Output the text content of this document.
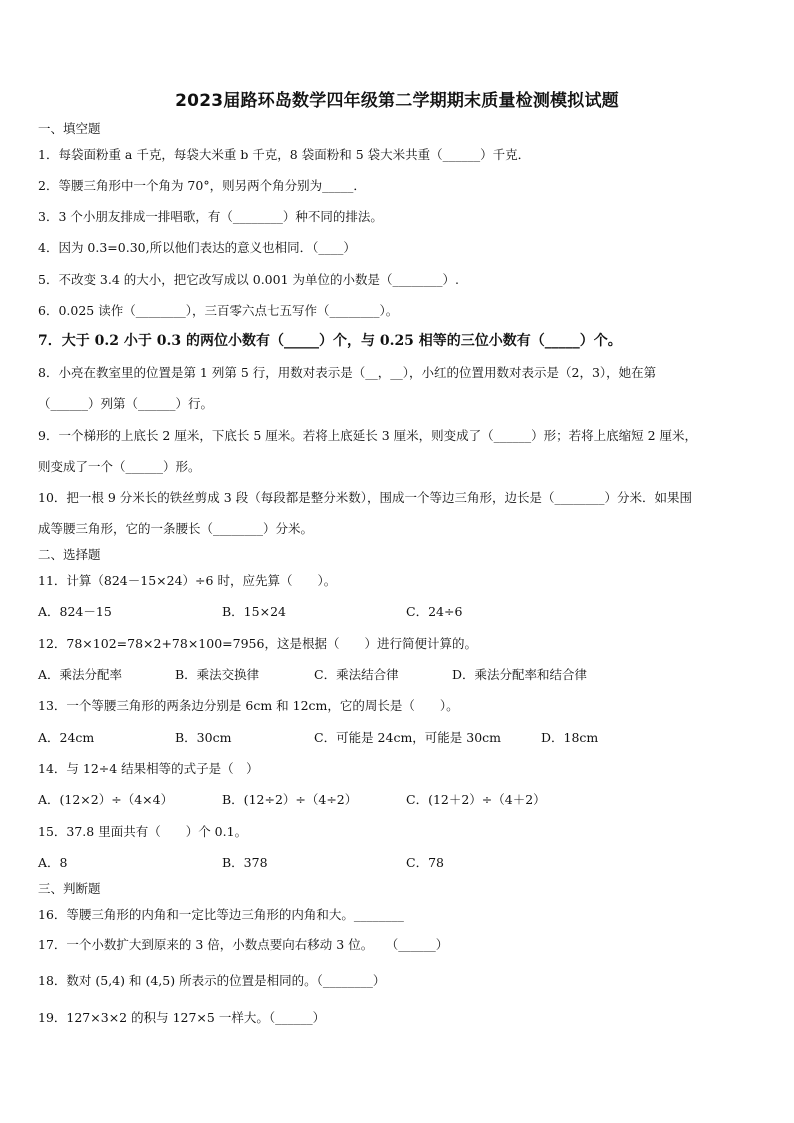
2023届路环岛数学四年级第二学期期末质量检测模拟试题
一、填空题
1．每袋面粉重 a 千克，每袋大米重 b 千克，8 袋面粉和 5 袋大米共重（______）千克．
2．等腰三角形中一个角为 70°，则另两个角分别为_____．
3．3 个小朋友排成一排唱歌，有（________）种不同的排法。
4．因为 0.3=0.30,所以他们表达的意义也相同．（____）
5．不改变 3.4 的大小，把它改写成以 0.001 为单位的小数是（________）.
6．0.025 读作（________），三百零六点七五写作（________）。
7．大于 0.2 小于 0.3 的两位小数有（_____）个，与 0.25 相等的三位小数有（_____）个。
8．小亮在教室里的位置是第 1 列第 5 行，用数对表示是（__，__），小红的位置用数对表示是（2，3），她在第
（______）列第（______）行。
9．一个梯形的上底长 2 厘米，下底长 5 厘米。若将上底延长 3 厘米，则变成了（______）形；若将上底缩短 2 厘米，
则变成了一个（______）形。
10．把一根 9 分米长的铁丝剪成 3 段（每段都是整分米数），围成一个等边三角形，边长是（________）分米．如果围
成等腰三角形，它的一条腰长（________）分米。
二、选择题
11．计算（824－15×24）÷6 时，应先算（　　）。
A．824－15	B．15×24	C．24÷6
12．78×102=78×2+78×100=7956，这是根据（　　）进行简便计算的。
A．乘法分配率	B．乘法交换律	C．乘法结合律	D．乘法分配率和结合律
13．一个等腰三角形的两条边分别是 6cm 和 12cm，它的周长是（　　）。
A．24cm	B．30cm	C．可能是 24cm，可能是 30cm	D．18cm
14．与 12÷4 结果相等的式子是（　）
A．(12×2）÷（4×4）	B．(12÷2）÷（4÷2）	C．(12＋2）÷（4＋2）
15．37.8 里面共有（　　）个 0.1。
A．8	B．378	C．78
三、判断题
16．等腰三角形的内角和一定比等边三角形的内角和大。________
17．一个小数扩大到原来的 3 倍，小数点要向右移动 3 位。　　（______）
18．数对 (5,4) 和 (4,5) 所表示的位置是相同的。（________）
19．127×3×2 的积与 127×5 一样大。（______）
